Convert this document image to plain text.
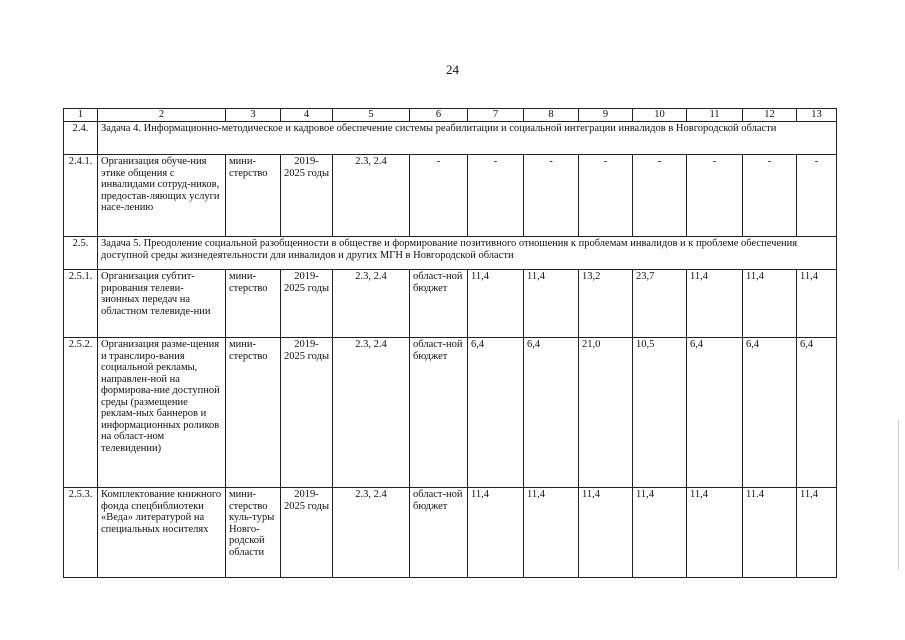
24
1	2	3	4	5	6	7	8	9	10	11	12	13
2.4.	Задача 4. Информационно-методическое и кадровое обеспечение системы реабилитации и социальной интеграции инвалидов в Новгородской области											
2.4.1.	Организация обуче-ния этике общения с инвалидами сотруд-ников, предостав-ляющих услуги насе-лению	мини-стерство	2019-2025 годы	2.3, 2.4	-	-	-	-	-	-	-	-
2.5.	Задача 5. Преодоление социальной разобщенности в обществе и формирование позитивного отношения к проблемам инвалидов и к проблеме обеспечения доступной среды жизнедеятельности для инвалидов и других МГН в Новгородской области											
2.5.1.	Организация субтит-рирования телеви-зионных передач на областном телевиде-нии	мини-стерство	2019-2025 годы	2.3, 2.4	област-ной бюджет	11,4	11,4	13,2	23,7	11,4	11,4	11,4
2.5.2.	Организация разме-щения и транслиро-вания социальной рекламы, направлен-ной на формирова-ние доступной среды (размещение реклам-ных баннеров и информационных роликов на област-ном телевидении)	мини-стерство	2019-2025 годы	2.3, 2.4	област-ной бюджет	6,4	6,4	21,0	10,5	6,4	6,4	6,4
2.5.3.	Комплектование книжного фонда спецбиблиотеки «Веда» литературой на специальных носителях	мини-стерство куль-туры Новго-родской области	2019-2025 годы	2.3, 2.4	област-ной бюджет	11,4	11,4	11,4	11,4	11,4	11.4	11,4
